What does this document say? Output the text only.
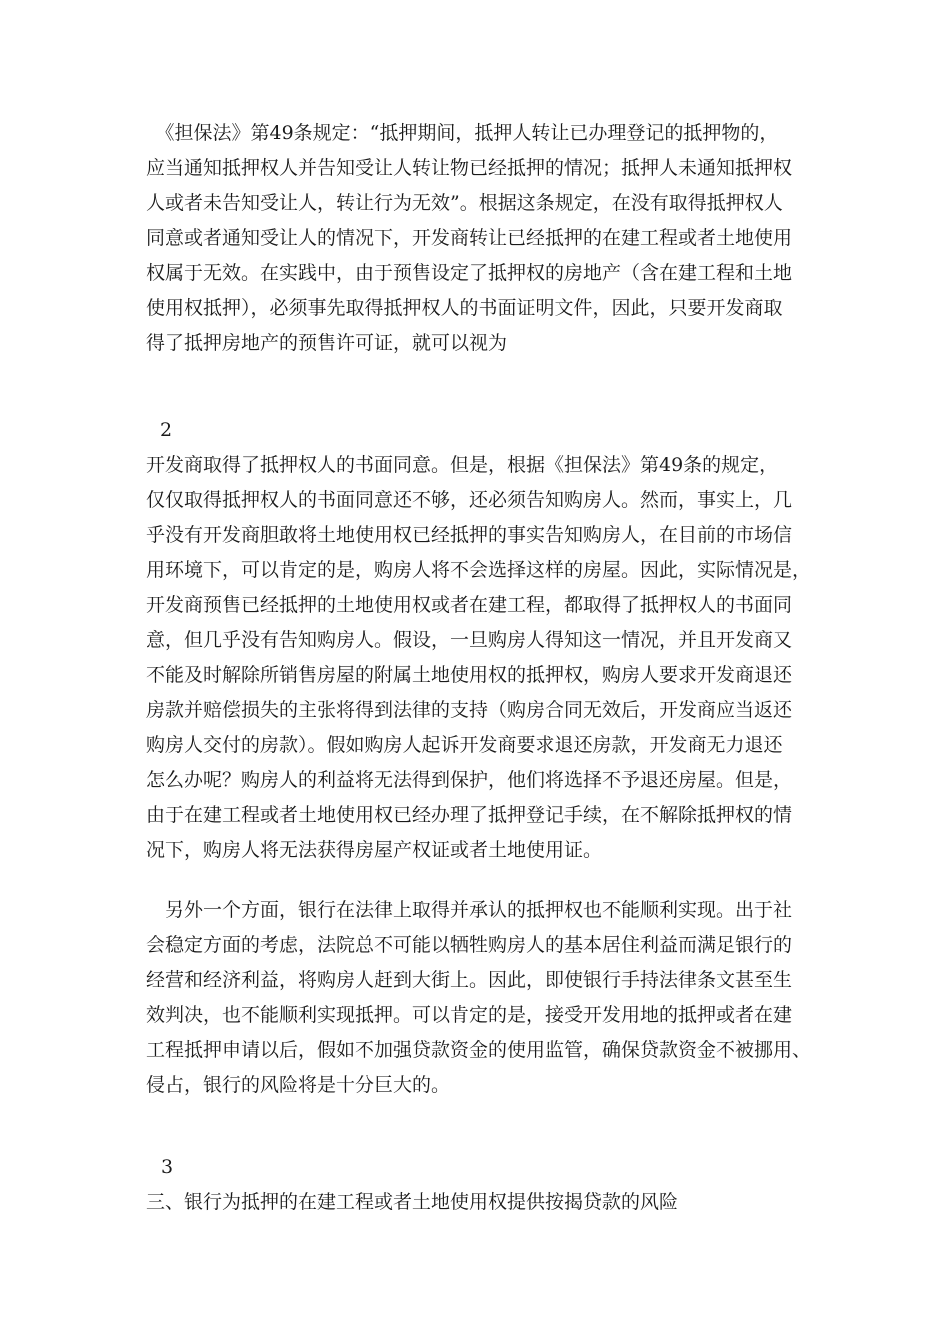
　《担保法》第49条规定：“抵押期间，抵押人转让已办理登记的抵押物的，
应当通知抵押权人并告知受让人转让物已经抵押的情况；抵押人未通知抵押权
人或者未告知受让人，转让行为无效”。根据这条规定，在没有取得抵押权人
同意或者通知受让人的情况下，开发商转让已经抵押的在建工程或者土地使用
权属于无效。在实践中，由于预售设定了抵押权的房地产（含在建工程和土地
使用权抵押），必须事先取得抵押权人的书面证明文件，因此，只要开发商取
得了抵押房地产的预售许可证，就可以视为

2

开发商取得了抵押权人的书面同意。但是，根据《担保法》第49条的规定，
仅仅取得抵押权人的书面同意还不够，还必须告知购房人。然而，事实上，几
乎没有开发商胆敢将土地使用权已经抵押的事实告知购房人，在目前的市场信
用环境下，可以肯定的是，购房人将不会选择这样的房屋。因此，实际情况是，
开发商预售已经抵押的土地使用权或者在建工程，都取得了抵押权人的书面同
意，但几乎没有告知购房人。假设，一旦购房人得知这一情况，并且开发商又
不能及时解除所销售房屋的附属土地使用权的抵押权，购房人要求开发商退还
房款并赔偿损失的主张将得到法律的支持（购房合同无效后，开发商应当返还
购房人交付的房款）。假如购房人起诉开发商要求退还房款，开发商无力退还
怎么办呢？购房人的利益将无法得到保护，他们将选择不予退还房屋。但是，
由于在建工程或者土地使用权已经办理了抵押登记手续，在不解除抵押权的情
况下，购房人将无法获得房屋产权证或者土地使用证。

　另外一个方面，银行在法律上取得并承认的抵押权也不能顺利实现。出于社
会稳定方面的考虑，法院总不可能以牺牲购房人的基本居住利益而满足银行的
经营和经济利益，将购房人赶到大街上。因此，即使银行手持法律条文甚至生
效判决，也不能顺利实现抵押。可以肯定的是，接受开发用地的抵押或者在建
工程抵押申请以后，假如不加强贷款资金的使用监管，确保贷款资金不被挪用、
侵占，银行的风险将是十分巨大的。

3
三、银行为抵押的在建工程或者土地使用权提供按揭贷款的风险
